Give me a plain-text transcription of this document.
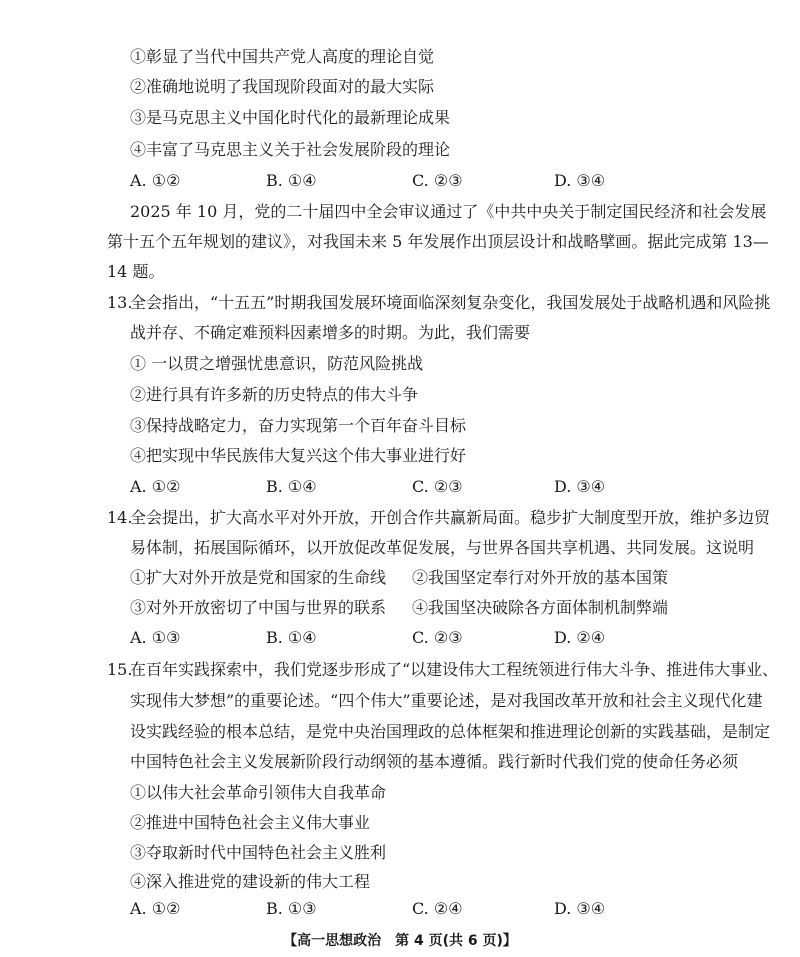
①彰显了当代中国共产党人高度的理论自觉
②准确地说明了我国现阶段面对的最大实际
③是马克思主义中国化时代化的最新理论成果
④丰富了马克思主义关于社会发展阶段的理论
A. ①②	B. ①④	C. ②③	D. ③④
2025 年 10 月，党的二十届四中全会审议通过了《中共中央关于制定国民经济和社会发展
第十五个五年规划的建议》，对我国未来 5 年发展作出顶层设计和战略擘画。据此完成第 13—
14 题。
13.
全会指出，“十五五”时期我国发展环境面临深刻复杂变化，我国发展处于战略机遇和风险挑
战并存、不确定难预料因素增多的时期。为此，我们需要
① 一以贯之增强忧患意识，防范风险挑战
②进行具有许多新的历史特点的伟大斗争
③保持战略定力，奋力实现第一个百年奋斗目标
④把实现中华民族伟大复兴这个伟大事业进行好
A. ①②	B. ①④	C. ②③	D. ③④
14.
全会提出，扩大高水平对外开放，开创合作共赢新局面。稳步扩大制度型开放，维护多边贸
易体制，拓展国际循环，以开放促改革促发展，与世界各国共享机遇、共同发展。这说明
①扩大对外开放是党和国家的生命线 ②我国坚定奉行对外开放的基本国策
③对外开放密切了中国与世界的联系 ④我国坚决破除各方面体制机制弊端
A. ①③	B. ①④	C. ②③	D. ②④
15.
在百年实践探索中，我们党逐步形成了“以建设伟大工程统领进行伟大斗争、推进伟大事业、
实现伟大梦想”的重要论述。“四个伟大”重要论述，是对我国改革开放和社会主义现代化建
设实践经验的根本总结，是党中央治国理政的总体框架和推进理论创新的实践基础，是制定
中国特色社会主义发展新阶段行动纲领的基本遵循。践行新时代我们党的使命任务必须
①以伟大社会革命引领伟大自我革命
②推进中国特色社会主义伟大事业
③夺取新时代中国特色社会主义胜利
④深入推进党的建设新的伟大工程
A. ①②	B. ①③	C. ②④	D. ③④
【高一思想政治　第 4 页(共 6 页)】
